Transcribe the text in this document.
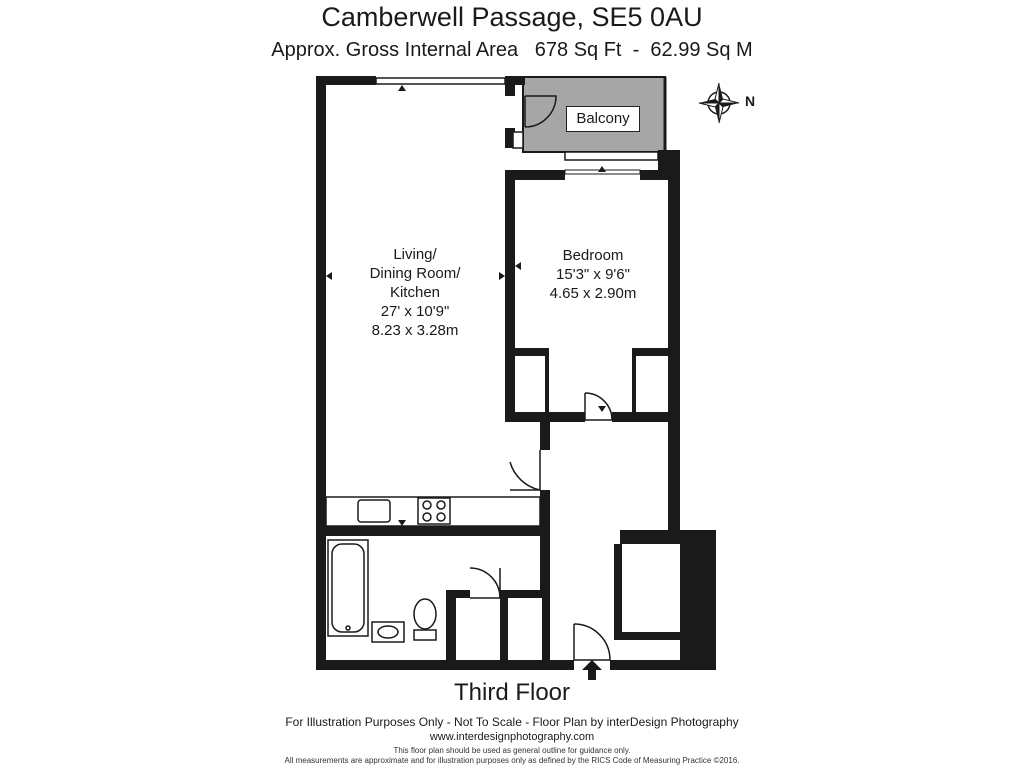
Camberwell Passage, SE5 0AU
Approx. Gross Internal Area 678 Sq Ft - 62.99 Sq M
N
Balcony
Living/
Dining Room/
Kitchen
27' x 10'9"
8.23 x 3.28m
Bedroom
15'3" x 9'6"
4.65 x 2.90m
Third Floor
For Illustration Purposes Only - Not To Scale - Floor Plan by interDesign Photography
www.interdesignphotography.com
This floor plan should be used as general outline for guidance only.
All measurements are approximate and for illustration purposes only as defined by the RICS Code of Measuring Practice ©2016.
